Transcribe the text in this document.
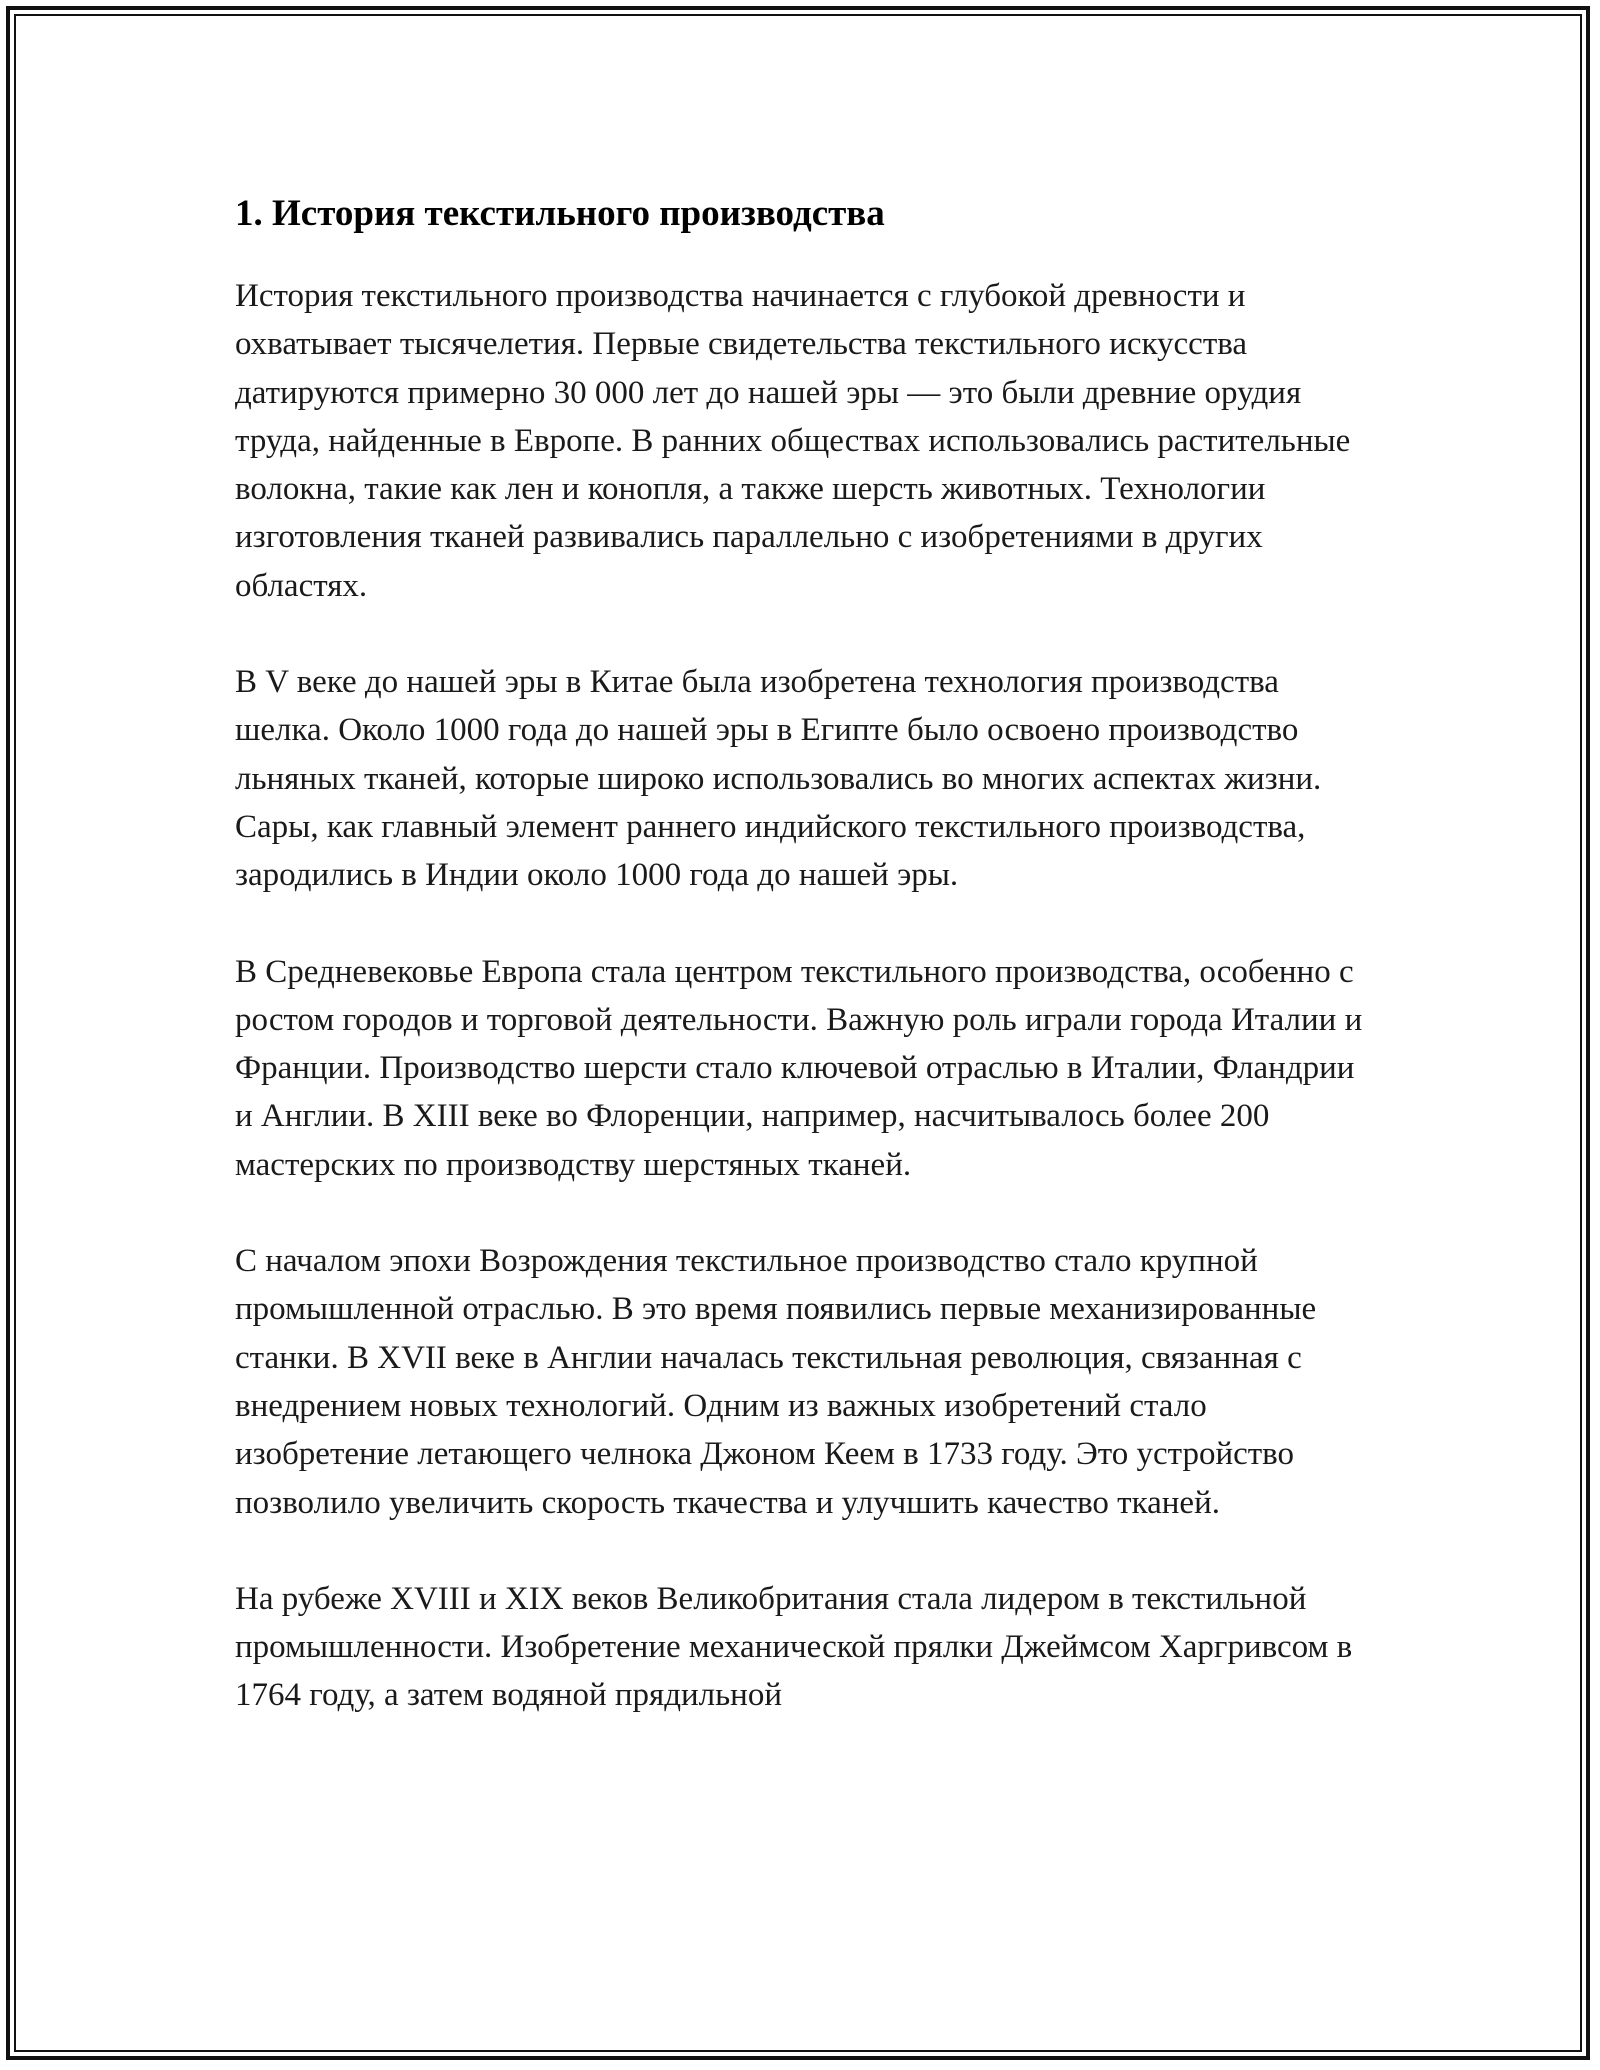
1. История текстильного производства

История текстильного производства начинается с глубокой древности и охватывает тысячелетия. Первые свидетельства текстильного искусства датируются примерно 30 000 лет до нашей эры — это были древние орудия труда, найденные в Европе. В ранних обществах использовались растительные волокна, такие как лен и конопля, а также шерсть животных. Технологии изготовления тканей развивались параллельно с изобретениями в других областях.

В V веке до нашей эры в Китае была изобретена технология производства шелка. Около 1000 года до нашей эры в Египте было освоено производство льняных тканей, которые широко использовались во многих аспектах жизни. Сары, как главный элемент раннего индийского текстильного производства, зародились в Индии около 1000 года до нашей эры.

В Средневековье Европа стала центром текстильного производства, особенно с ростом городов и торговой деятельности. Важную роль играли города Италии и Франции. Производство шерсти стало ключевой отраслью в Италии, Фландрии и Англии. В XIII веке во Флоренции, например, насчитывалось более 200 мастерских по производству шерстяных тканей.

С началом эпохи Возрождения текстильное производство стало крупной промышленной отраслью. В это время появились первые механизированные станки. В XVII веке в Англии началась текстильная революция, связанная с внедрением новых технологий. Одним из важных изобретений стало изобретение летающего челнока Джоном Кеем в 1733 году. Это устройство позволило увеличить скорость ткачества и улучшить качество тканей.

На рубеже XVIII и XIX веков Великобритания стала лидером в текстильной промышленности. Изобретение механической прялки Джеймсом Харгривсом в 1764 году, а затем водяной прядильной
